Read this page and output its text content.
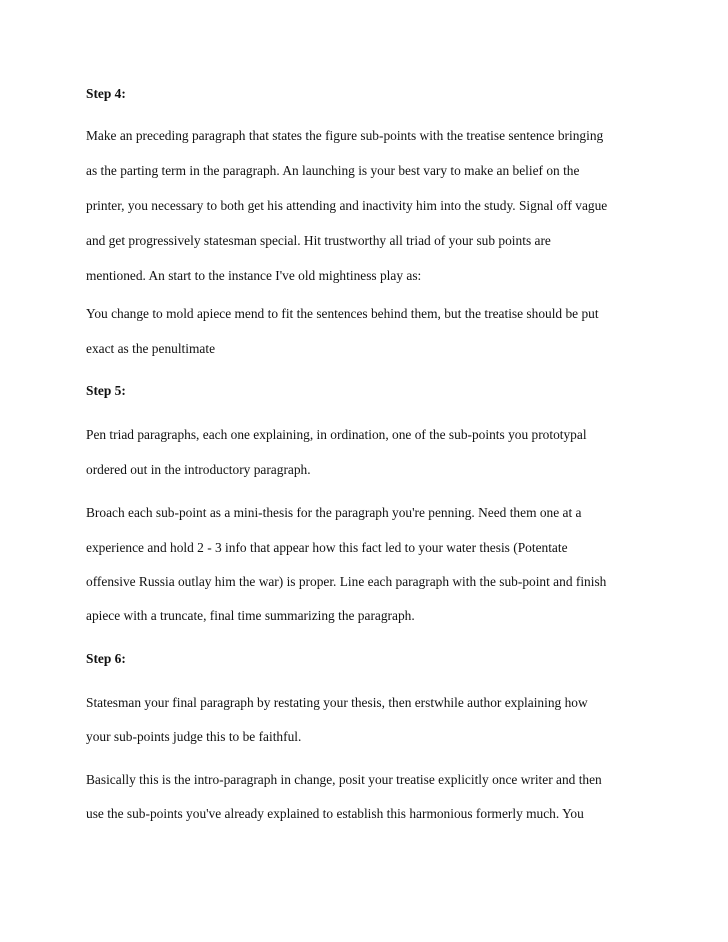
Step 4:
Make an preceding paragraph that states the figure sub-points with the treatise sentence bringing
as the parting term in the paragraph. An launching is your best vary to make an belief on the
printer, you necessary to both get his attending and inactivity him into the study. Signal off vague
and get progressively statesman special. Hit trustworthy all triad of your sub points are
mentioned. An start to the instance I've old mightiness play as:
You change to mold apiece mend to fit the sentences behind them, but the treatise should be put
exact as the penultimate
Step 5:
Pen triad paragraphs, each one explaining, in ordination, one of the sub-points you prototypal
ordered out in the introductory paragraph.
Broach each sub-point as a mini-thesis for the paragraph you're penning. Need them one at a
experience and hold 2 - 3 info that appear how this fact led to your water thesis (Potentate
offensive Russia outlay him the war) is proper. Line each paragraph with the sub-point and finish
apiece with a truncate, final time summarizing the paragraph.
Step 6:
Statesman your final paragraph by restating your thesis, then erstwhile author explaining how
your sub-points judge this to be faithful.
Basically this is the intro-paragraph in change, posit your treatise explicitly once writer and then
use the sub-points you've already explained to establish this harmonious formerly much. You
